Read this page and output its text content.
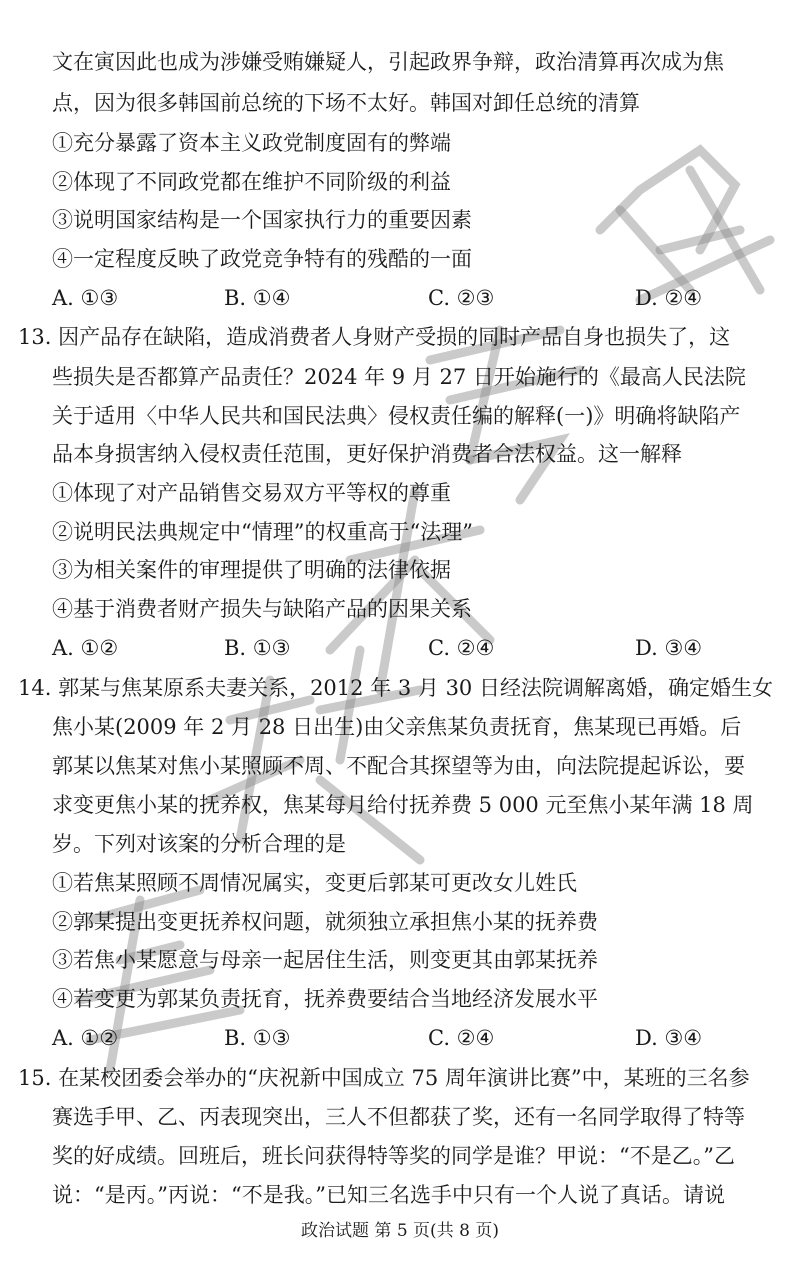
文在寅因此也成为涉嫌受贿嫌疑人，引起政界争辩，政治清算再次成为焦
点，因为很多韩国前总统的下场不太好。韩国对卸任总统的清算
①充分暴露了资本主义政党制度固有的弊端
②体现了不同政党都在维护不同阶级的利益
③说明国家结构是一个国家执行力的重要因素
④一定程度反映了政党竞争特有的残酷的一面
A. ①③	B. ①④	C. ②③	D. ②④
13. 因产品存在缺陷，造成消费者人身财产受损的同时产品自身也损失了，这
些损失是否都算产品责任？2024 年 9 月 27 日开始施行的《最高人民法院
关于适用〈中华人民共和国民法典〉侵权责任编的解释(一)》明确将缺陷产
品本身损害纳入侵权责任范围，更好保护消费者合法权益。这一解释
①体现了对产品销售交易双方平等权的尊重
②说明民法典规定中“情理”的权重高于“法理”
③为相关案件的审理提供了明确的法律依据
④基于消费者财产损失与缺陷产品的因果关系
A. ①②	B. ①③	C. ②④	D. ③④
14. 郭某与焦某原系夫妻关系，2012 年 3 月 30 日经法院调解离婚，确定婚生女
焦小某(2009 年 2 月 28 日出生)由父亲焦某负责抚育，焦某现已再婚。后
郭某以焦某对焦小某照顾不周、不配合其探望等为由，向法院提起诉讼，要
求变更焦小某的抚养权，焦某每月给付抚养费 5 000 元至焦小某年满 18 周
岁。下列对该案的分析合理的是
①若焦某照顾不周情况属实，变更后郭某可更改女儿姓氏
②郭某提出变更抚养权问题，就须独立承担焦小某的抚养费
③若焦小某愿意与母亲一起居住生活，则变更其由郭某抚养
④若变更为郭某负责抚育，抚养费要结合当地经济发展水平
A. ①②	B. ①③	C. ②④	D. ③④
15. 在某校团委会举办的“庆祝新中国成立 75 周年演讲比赛”中，某班的三名参
赛选手甲、乙、丙表现突出，三人不但都获了奖，还有一名同学取得了特等
奖的好成绩。回班后，班长问获得特等奖的同学是谁？甲说：“不是乙。”乙
说：“是丙。”丙说：“不是我。”已知三名选手中只有一个人说了真话。请说
政治试题 第 5 页(共 8 页)
